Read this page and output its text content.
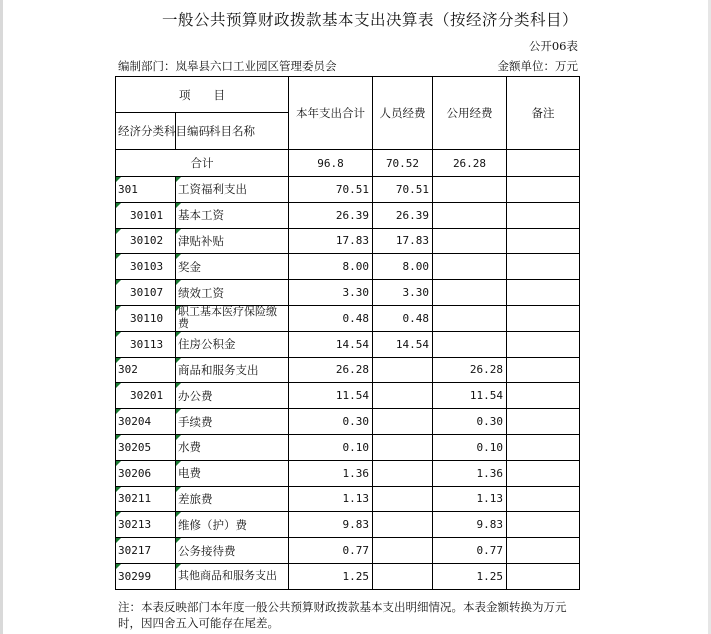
一般公共预算财政拨款基本支出决算表（按经济分类科目）
公开06表
编制部门：岚皋县六口工业园区管理委员会	金额单位：万元
项　　目		本年支出合计	人员经费	公用经费	备注
经济分类科目编码	科目名称				
合计		96.8	70.52	26.28	
301	工资福利支出	70.51	70.51		
30101	基本工资	26.39	26.39		
30102	津贴补贴	17.83	17.83		
30103	奖金	8.00	8.00		
30107	绩效工资	3.30	3.30		
30110	职工基本医疗保险缴费	0.48	0.48		
30113	住房公积金	14.54	14.54		
302	商品和服务支出	26.28		26.28	
30201	办公费	11.54		11.54	
30204	手续费	0.30		0.30	
30205	水费	0.10		0.10	
30206	电费	1.36		1.36	
30211	差旅费	1.13		1.13	
30213	维修（护）费	9.83		9.83	
30217	公务接待费	0.77		0.77	
30299	其他商品和服务支出	1.25		1.25	
注：本表反映部门本年度一般公共预算财政拨款基本支出明细情况。本表金额转换为万元时，因四舍五入可能存在尾差。
